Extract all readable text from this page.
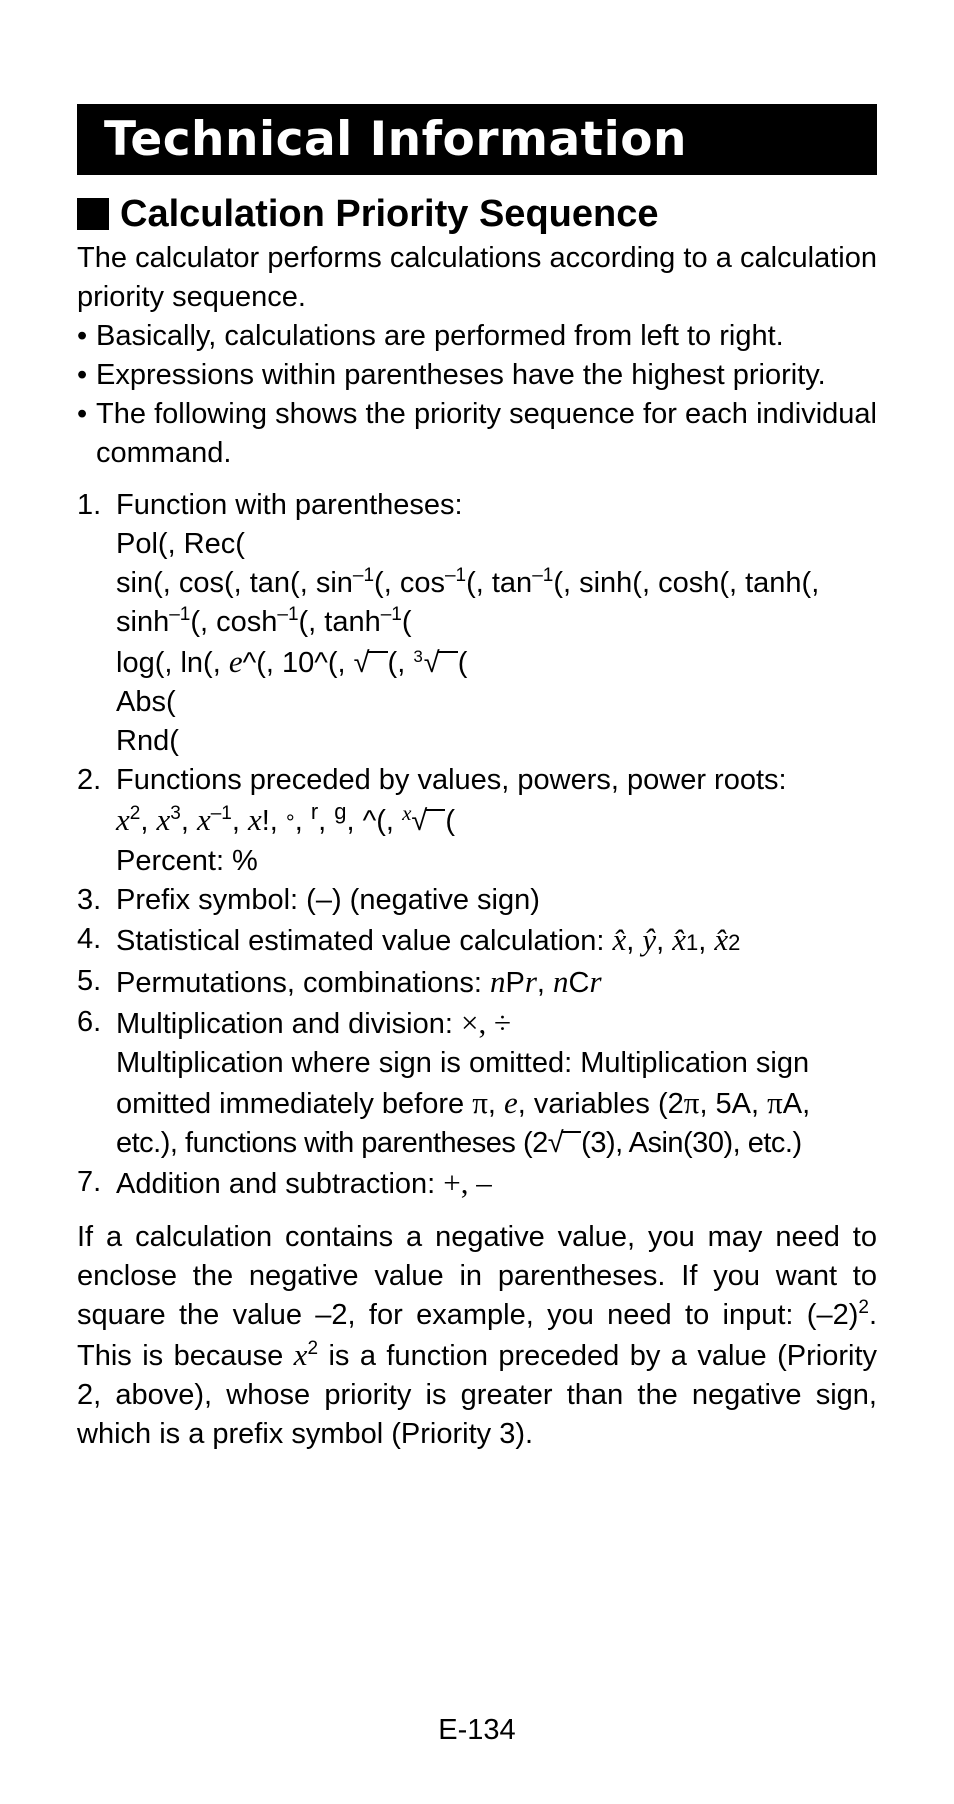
Technical Information
Calculation Priority Sequence
The calculator performs calculations according to a calculation priority sequence.
• Basically, calculations are performed from left to right.
• Expressions within parentheses have the highest priority.
• The following shows the priority sequence for each individual command.
1. Function with parentheses:
Pol(, Rec(
sin(, cos(, tan(, $\sin^{-1}$(, $\cos^{-1}$(, $\tan^{-1}$(, sinh(, cosh(, tanh(,
$\sinh^{-1}$(, $\cosh^{-1}$(, $\tanh^{-1}$(
log(, ln(, e^(, 10^(, √ (, $^3$√ (
Abs(
Rnd(
2. Functions preceded by values, powers, power roots:
$x^2$, $x^3$, $x^{-1}$, x!, °, $^r$, $^g$, ^(, $^x$√ (
Percent: %
3. Prefix symbol: (–) (negative sign)
4. Statistical estimated value calculation: x̂, ŷ, x̂1, x̂2
5. Permutations, combinations: nPr, nCr
6. Multiplication and division: ×, ÷
Multiplication where sign is omitted: Multiplication sign
omitted immediately before π, e, variables (2π, 5A, πA,
etc.), functions with parentheses (2√ (3), Asin(30), etc.)
7. Addition and subtraction: +, –
If a calculation contains a negative value, you may need to enclose the negative value in parentheses. If you want to square the value –2, for example, you need to input: $(-2)^2$. This is because $x^2$ is a function preceded by a value (Priority 2, above), whose priority is greater than the negative sign, which is a prefix symbol (Priority 3).
E-134
